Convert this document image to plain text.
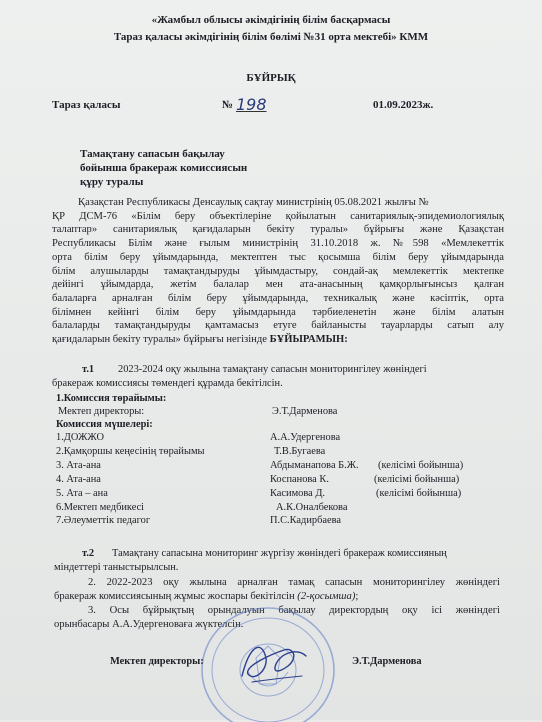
«Жамбыл облысы әкімдігінің білім басқармасы
Тараз қаласы әкімдігінің білім бөлімі №31 орта мектебі» КММ
БҰЙРЫҚ
Тараз қаласы	№ 198	01.09.2023ж.
Тамақтану сапасын бақылау
бойынша бракераж комиссиясын
құру туралы
Қазақстан Республикасы Денсаулық сақтау министрінің 05.08.2021 жылғы №
ҚР ДСМ-76 «Білім беру объектілеріне қойылатын санитариялық-эпидемиологиялық
талаптар» санитариялық қағидаларын бекіту туралы» бұйрығы және Қазақстан
Республикасы Білім және ғылым министрінің 31.10.2018 ж. №598 «Мемлекеттік
орта білім беру ұйымдарында, мектептен тыс қосымша білім беру ұйымдарында
білім алушыларды тамақтандыруды ұйымдастыру, сондай-ақ мемлекеттік мектепке
дейінгі ұйымдарда, жетім балалар мен ата-анасының қамқорлығынсыз қалған
балаларға арналған білім беру ұйымдарында, техникалық және кәсіптік, орта
білімнен кейінгі білім беру ұйымдарында тәрбиеленетін және білім алатын
балаларды тамақтандыруды қамтамасыз етуге байланысты тауарларды сатып алу
қағидаларын бекіту туралы» бұйрығы негізінде БҰЙЫРАМЫН:
т.1 2023-2024 оқу жылына тамақтану сапасын мониторингілеу жөніндегі
бракераж комиссиясы төмендегі құрамда бекітілсін.
1.Комиссия төрайымы:
Мектеп директоры:	Э.Т.Дарменова
Комиссия мүшелері:
1.ДОЖЖО	А.А.Удергенова
2.Қамқоршы кеңесінің төрайымы	Т.В.Бугаева
3. Ата-ана	Абдыманапова Б.Ж. (келісімі бойынша)
4. Ата-ана	Коспанова К.	(келісімі бойынша)
5. Ата – ана	Касимова Д.	(келісімі бойынша)
6.Мектеп медбикесі	А.К.Оналбекова
7.Әлеуметтік педагог	П.С.Кадирбаева
т.2 Тамақтану сапасына мониторинг жүргізу жөніндегі бракераж комиссияның
міндеттері таныстырылсын.
2. 2022-2023 оқу жылына арналған тамақ сапасын мониторингілеу жөніндегі
бракераж комиссиясының жұмыс жоспары бекітілсін (2-қосымша);
3. Осы бұйрықтың орындалуын бақылау директордың оқу ісі жөніндегі
орынбасары А.А.Удергеноваға жүктелсін.
Мектеп директоры:	Э.Т.Дарменова
